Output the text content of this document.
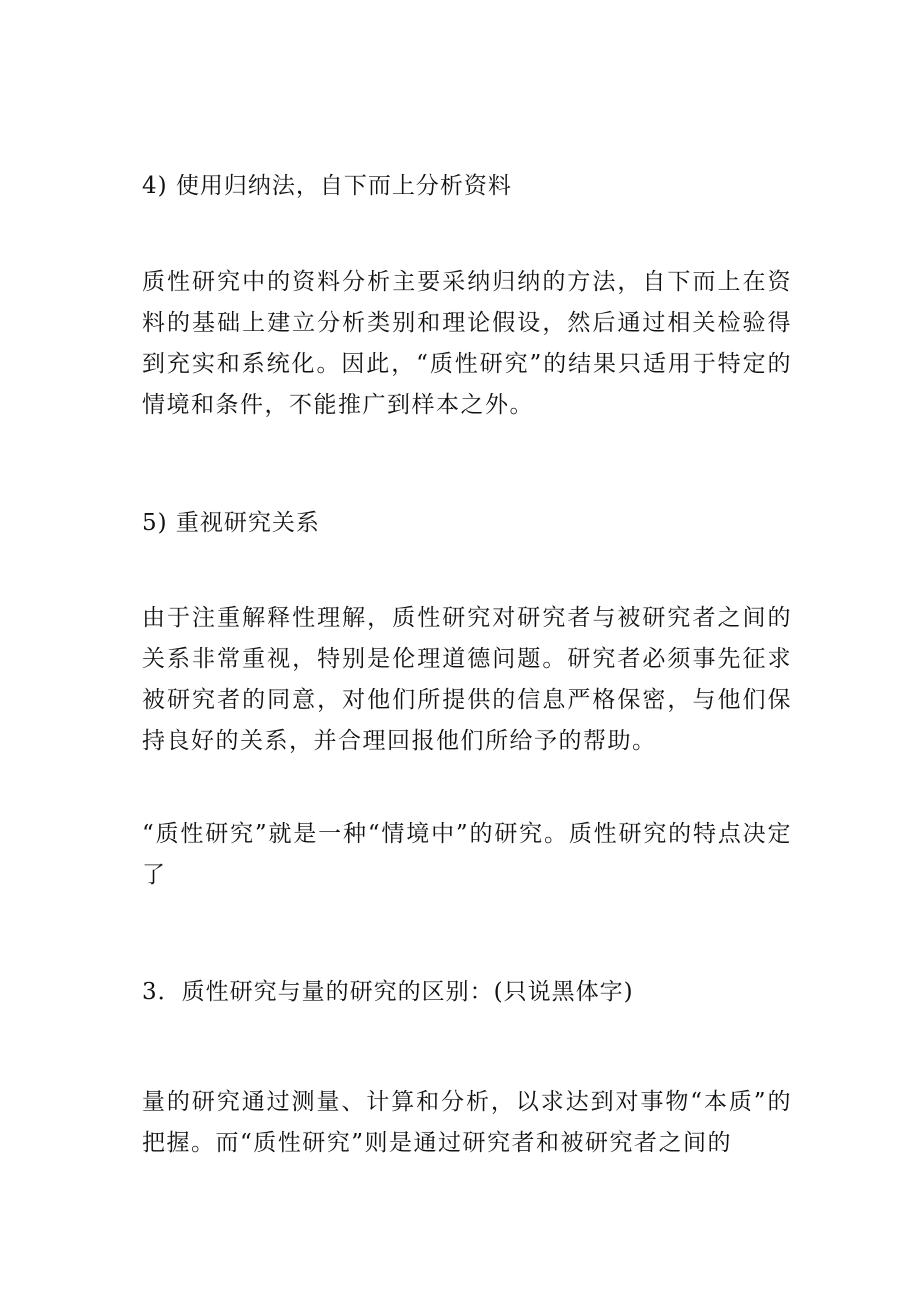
4) 使用归纳法，自下而上分析资料
质性研究中的资料分析主要采纳归纳的方法，自下而上在资料的基础上建立分析类别和理论假设，然后通过相关检验得到充实和系统化。因此，“质性研究”的结果只适用于特定的情境和条件，不能推广到样本之外。
5) 重视研究关系
由于注重解释性理解，质性研究对研究者与被研究者之间的关系非常重视，特别是伦理道德问题。研究者必须事先征求被研究者的同意，对他们所提供的信息严格保密，与他们保持良好的关系，并合理回报他们所给予的帮助。
“质性研究”就是一种“情境中”的研究。质性研究的特点决定了
3．质性研究与量的研究的区别：(只说黑体字)
量的研究通过测量、计算和分析，以求达到对事物“本质”的把握。而“质性研究”则是通过研究者和被研究者之间的
